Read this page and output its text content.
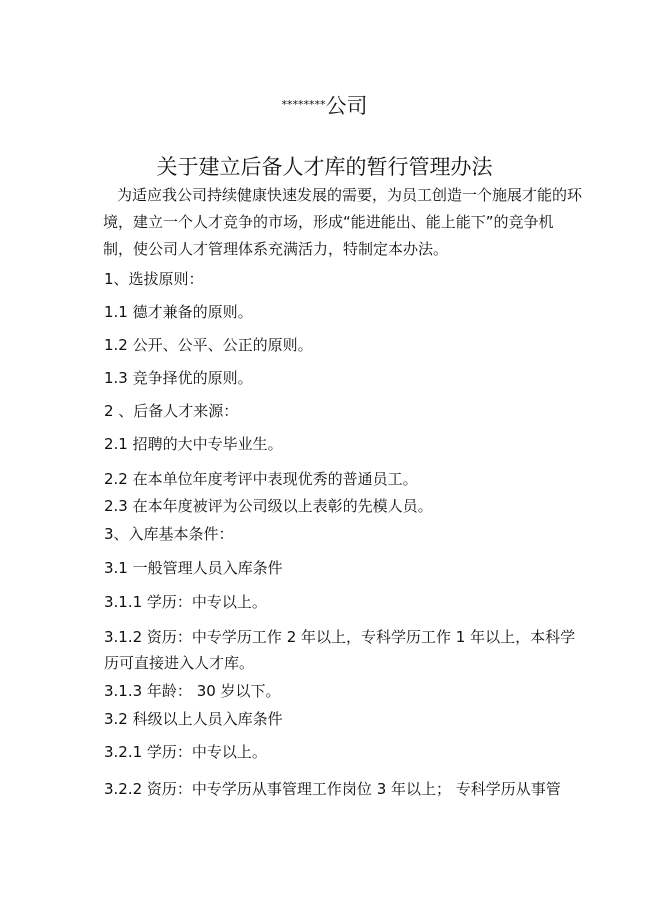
********公司
关于建立后备人才库的暂行管理办法
为适应我公司持续健康快速发展的需要，为员工创造一个施展才能的环境，建立一个人才竞争的市场，形成“能进能出、能上能下”的竞争机制，使公司人才管理体系充满活力，特制定本办法。
1、选拔原则：
1.1 德才兼备的原则。
1.2 公开、公平、公正的原则。
1.3 竞争择优的原则。
2 、后备人才来源：
2.1 招聘的大中专毕业生。
2.2 在本单位年度考评中表现优秀的普通员工。
2.3 在本年度被评为公司级以上表彰的先模人员。
3、入库基本条件：
3.1 一般管理人员入库条件
3.1.1 学历：中专以上。
3.1.2 资历：中专学历工作 2 年以上，专科学历工作 1 年以上，本科学历可直接进入人才库。
3.1.3 年龄： 30 岁以下。
3.2 科级以上人员入库条件
3.2.1 学历：中专以上。
3.2.2 资历：中专学历从事管理工作岗位 3 年以上； 专科学历从事管
